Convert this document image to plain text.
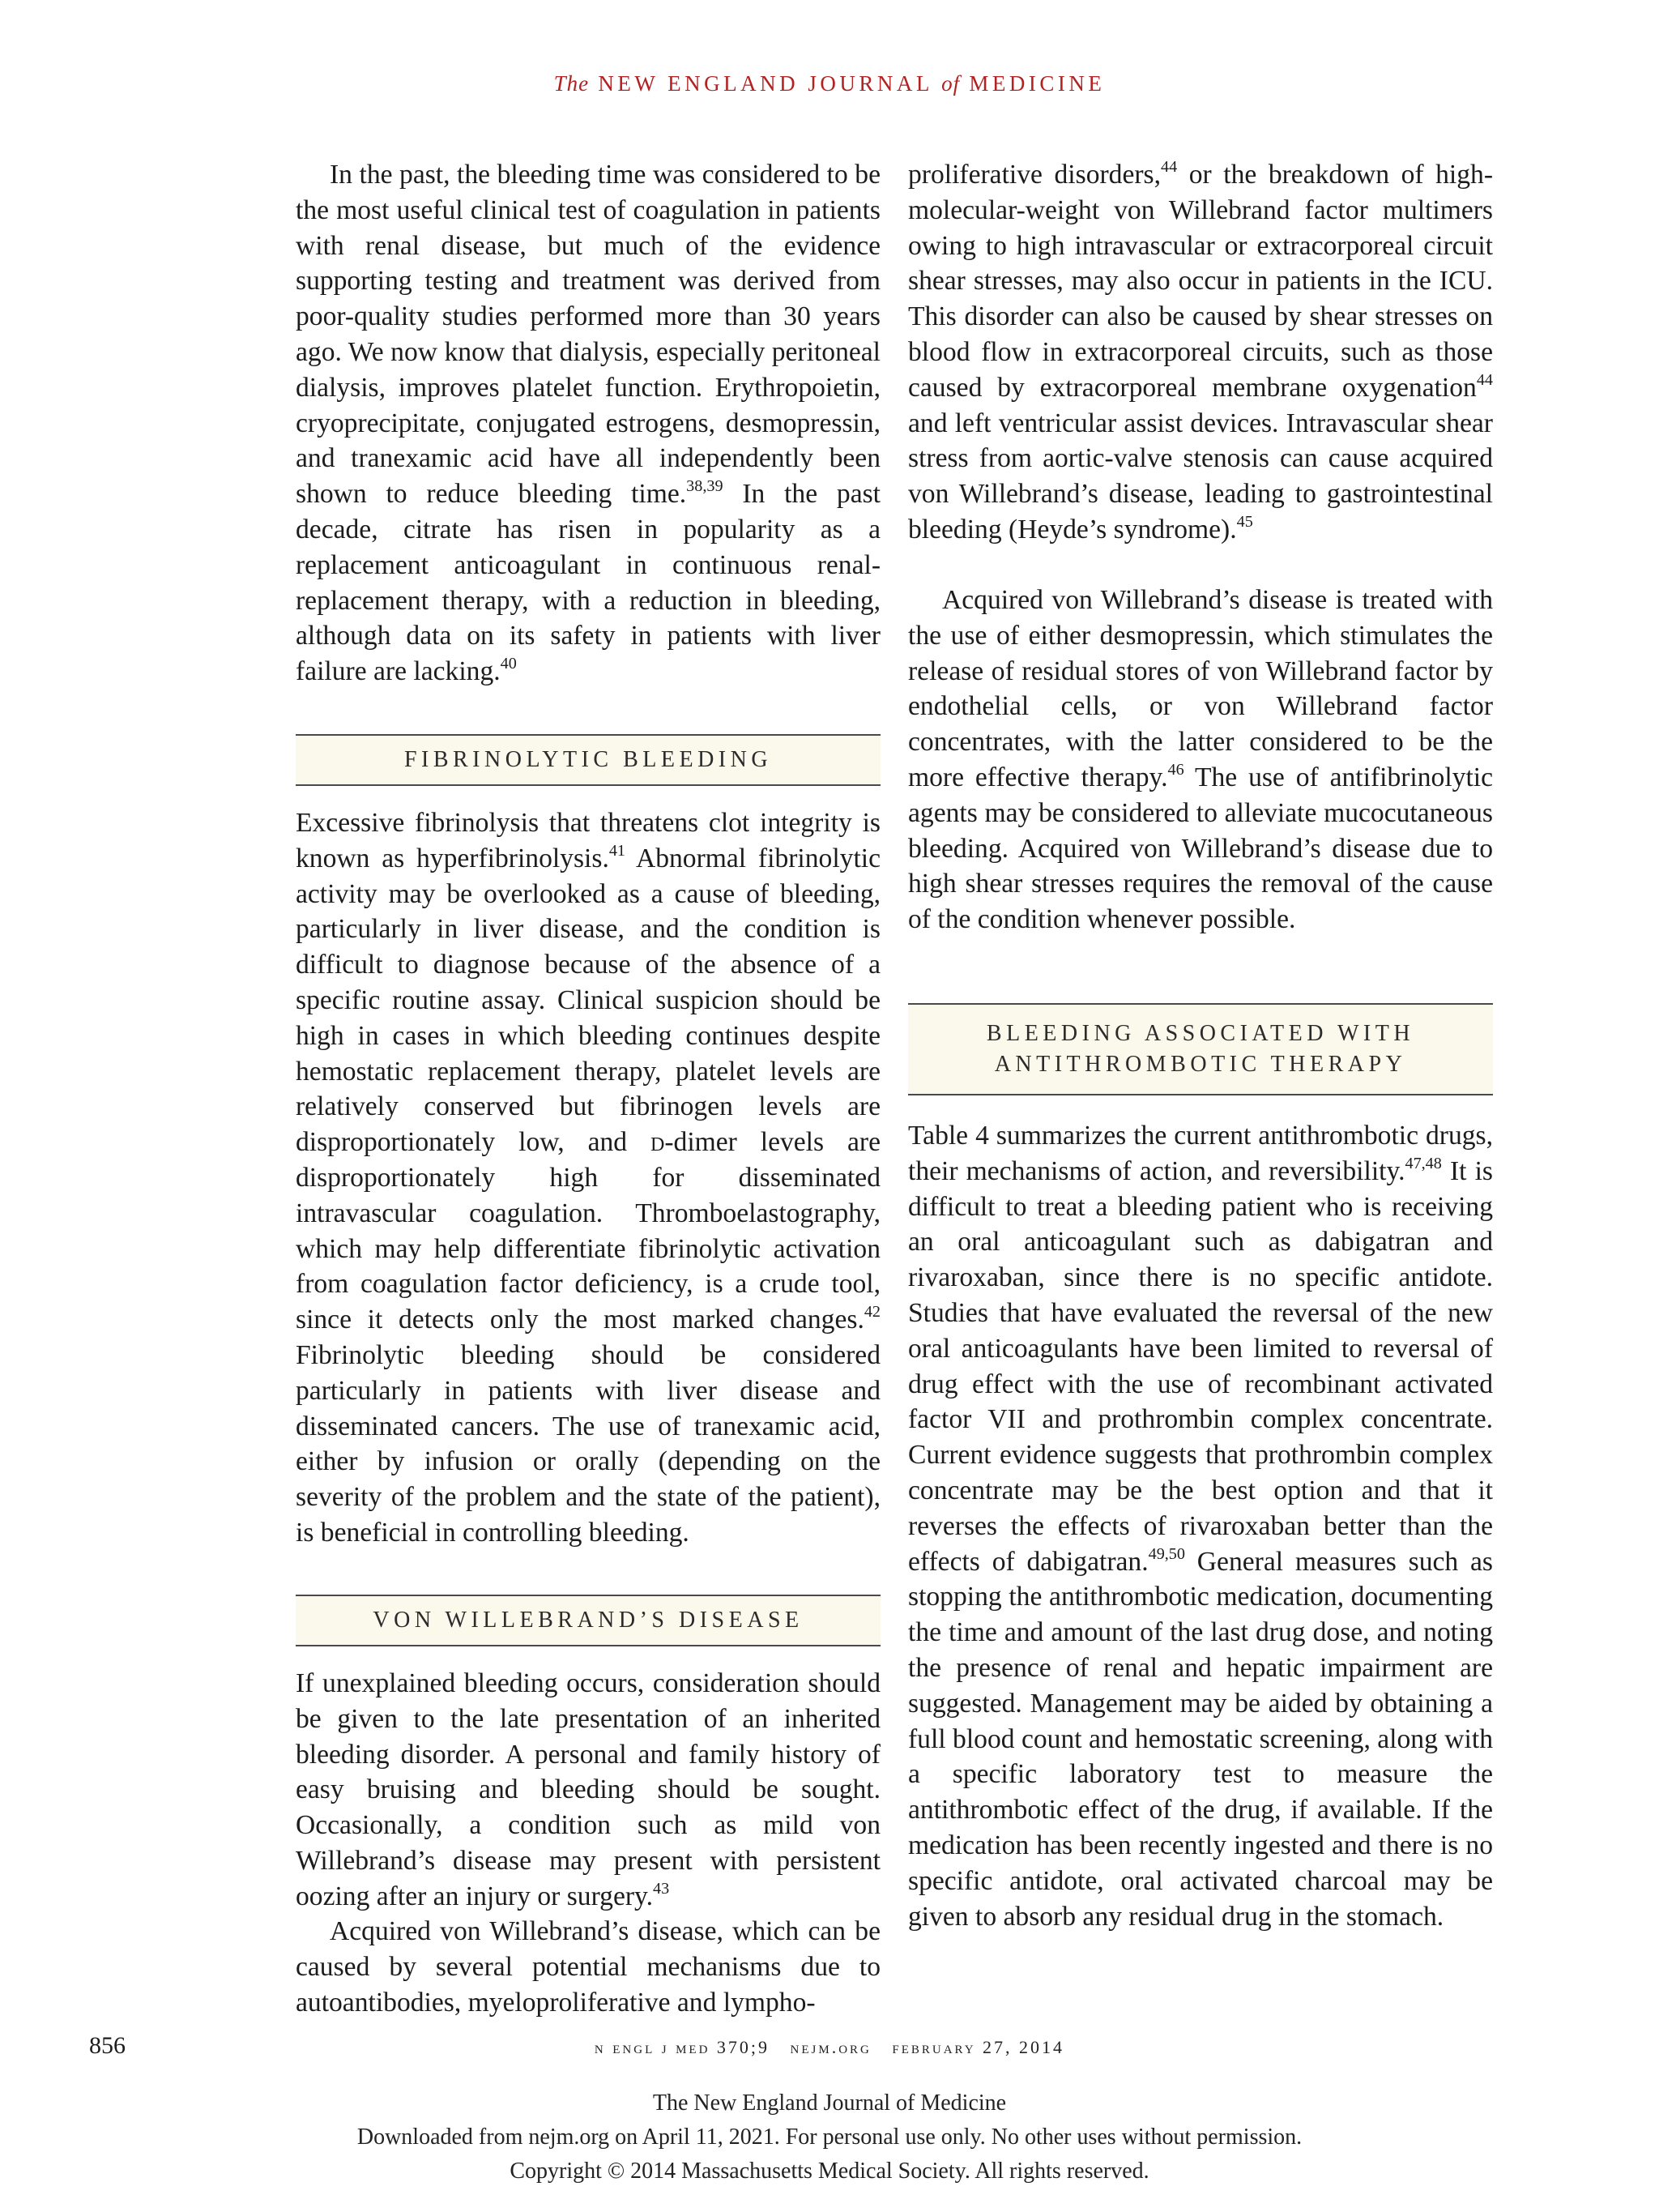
The NEW ENGLAND JOURNAL of MEDICINE

In the past, the bleeding time was considered to be the most useful clinical test of coagulation in patients with renal disease, but much of the evidence supporting testing and treatment was derived from poor-quality studies performed more than 30 years ago. We now know that dialysis, especially peritoneal dialysis, improves platelet function. Erythropoietin, cryoprecipitate, conjugated estrogens, desmopressin, and tranexamic acid have all independently been shown to reduce bleeding time.$^{38,39}$ In the past decade, citrate has risen in popularity as a replacement anticoagulant in continuous renal-replacement therapy, with a reduction in bleeding, although data on its safety in patients with liver failure are lacking.$^{40}$

FIBRINOLYTIC BLEEDING

Excessive fibrinolysis that threatens clot integrity is known as hyperfibrinolysis.$^{41}$ Abnormal fibrinolytic activity may be overlooked as a cause of bleeding, particularly in liver disease, and the condition is difficult to diagnose because of the absence of a specific routine assay. Clinical suspicion should be high in cases in which bleeding continues despite hemostatic replacement therapy, platelet levels are relatively conserved but fibrinogen levels are disproportionately low, and d-dimer levels are disproportionately high for disseminated intravascular coagulation. Thromboelastography, which may help differentiate fibrinolytic activation from coagulation factor deficiency, is a crude tool, since it detects only the most marked changes.$^{42}$ Fibrinolytic bleeding should be considered particularly in patients with liver disease and disseminated cancers. The use of tranexamic acid, either by infusion or orally (depending on the severity of the problem and the state of the patient), is beneficial in controlling bleeding.

VON WILLEBRAND’S DISEASE

If unexplained bleeding occurs, consideration should be given to the late presentation of an inherited bleeding disorder. A personal and family history of easy bruising and bleeding should be sought. Occasionally, a condition such as mild von Willebrand’s disease may present with persistent oozing after an injury or surgery.$^{43}$

Acquired von Willebrand’s disease, which can be caused by several potential mechanisms due to autoantibodies, myeloproliferative and lympho-

proliferative disorders,$^{44}$ or the breakdown of high-molecular-weight von Willebrand factor multimers owing to high intravascular or extracorporeal circuit shear stresses, may also occur in patients in the ICU. This disorder can also be caused by shear stresses on blood flow in extracorporeal circuits, such as those caused by extracorporeal membrane oxygenation$^{44}$ and left ventricular assist devices. Intravascular shear stress from aortic-valve stenosis can cause acquired von Willebrand’s disease, leading to gastrointestinal bleeding (Heyde’s syndrome).$^{45}$

Acquired von Willebrand’s disease is treated with the use of either desmopressin, which stimulates the release of residual stores of von Willebrand factor by endothelial cells, or von Willebrand factor concentrates, with the latter considered to be the more effective therapy.$^{46}$ The use of antifibrinolytic agents may be considered to alleviate mucocutaneous bleeding. Acquired von Willebrand’s disease due to high shear stresses requires the removal of the cause of the condition whenever possible.

BLEEDING ASSOCIATED WITH
ANTITHROMBOTIC THERAPY

Table 4 summarizes the current antithrombotic drugs, their mechanisms of action, and reversibility.$^{47,48}$ It is difficult to treat a bleeding patient who is receiving an oral anticoagulant such as dabigatran and rivaroxaban, since there is no specific antidote. Studies that have evaluated the reversal of the new oral anticoagulants have been limited to reversal of drug effect with the use of recombinant activated factor VII and prothrombin complex concentrate. Current evidence suggests that prothrombin complex concentrate may be the best option and that it reverses the effects of rivaroxaban better than the effects of dabigatran.$^{49,50}$ General measures such as stopping the antithrombotic medication, documenting the time and amount of the last drug dose, and noting the presence of renal and hepatic impairment are suggested. Management may be aided by obtaining a full blood count and hemostatic screening, along with a specific laboratory test to measure the antithrombotic effect of the drug, if available. If the medication has been recently ingested and there is no specific antidote, oral activated charcoal may be given to absorb any residual drug in the stomach.

856	n engl j med 370;9   nejm.org   february 27, 2014
The New England Journal of Medicine
Downloaded from nejm.org on April 11, 2021. For personal use only. No other uses without permission.
Copyright © 2014 Massachusetts Medical Society. All rights reserved.
